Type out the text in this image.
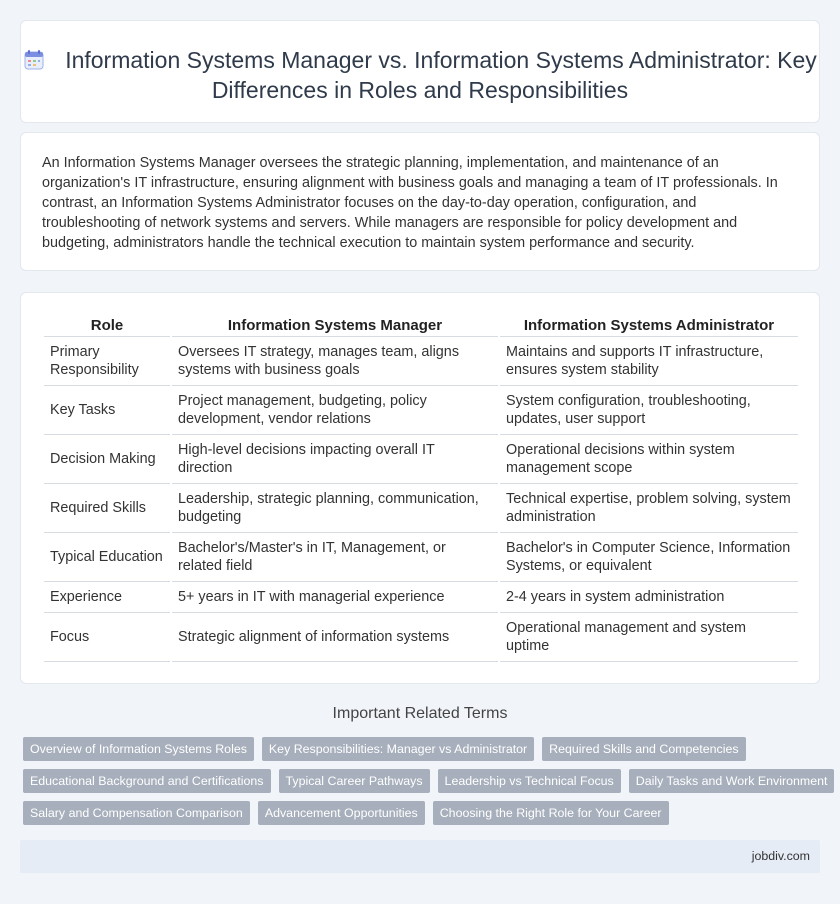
Information Systems Manager vs. Information Systems Administrator: Key Differences in Roles and Responsibilities

An Information Systems Manager oversees the strategic planning, implementation, and maintenance of an organization's IT infrastructure, ensuring alignment with business goals and managing a team of IT professionals. In contrast, an Information Systems Administrator focuses on the day-to-day operation, configuration, and troubleshooting of network systems and servers. While managers are responsible for policy development and budgeting, administrators handle the technical execution to maintain system performance and security.

Role	Information Systems Manager	Information Systems Administrator
Primary Responsibility	Oversees IT strategy, manages team, aligns systems with business goals	Maintains and supports IT infrastructure, ensures system stability
Key Tasks	Project management, budgeting, policy development, vendor relations	System configuration, troubleshooting, updates, user support
Decision Making	High-level decisions impacting overall IT direction	Operational decisions within system management scope
Required Skills	Leadership, strategic planning, communication, budgeting	Technical expertise, problem solving, system administration
Typical Education	Bachelor's/Master's in IT, Management, or related field	Bachelor's in Computer Science, Information Systems, or equivalent
Experience	5+ years in IT with managerial experience	2-4 years in system administration
Focus	Strategic alignment of information systems	Operational management and system uptime
Important Related Terms
Overview of Information Systems Roles	Key Responsibilities: Manager vs Administrator	Required Skills and Competencies
Educational Background and Certifications	Typical Career Pathways	Leadership vs Technical Focus	Daily Tasks and Work Environment
Salary and Compensation Comparison	Advancement Opportunities	Choosing the Right Role for Your Career
jobdiv.com
